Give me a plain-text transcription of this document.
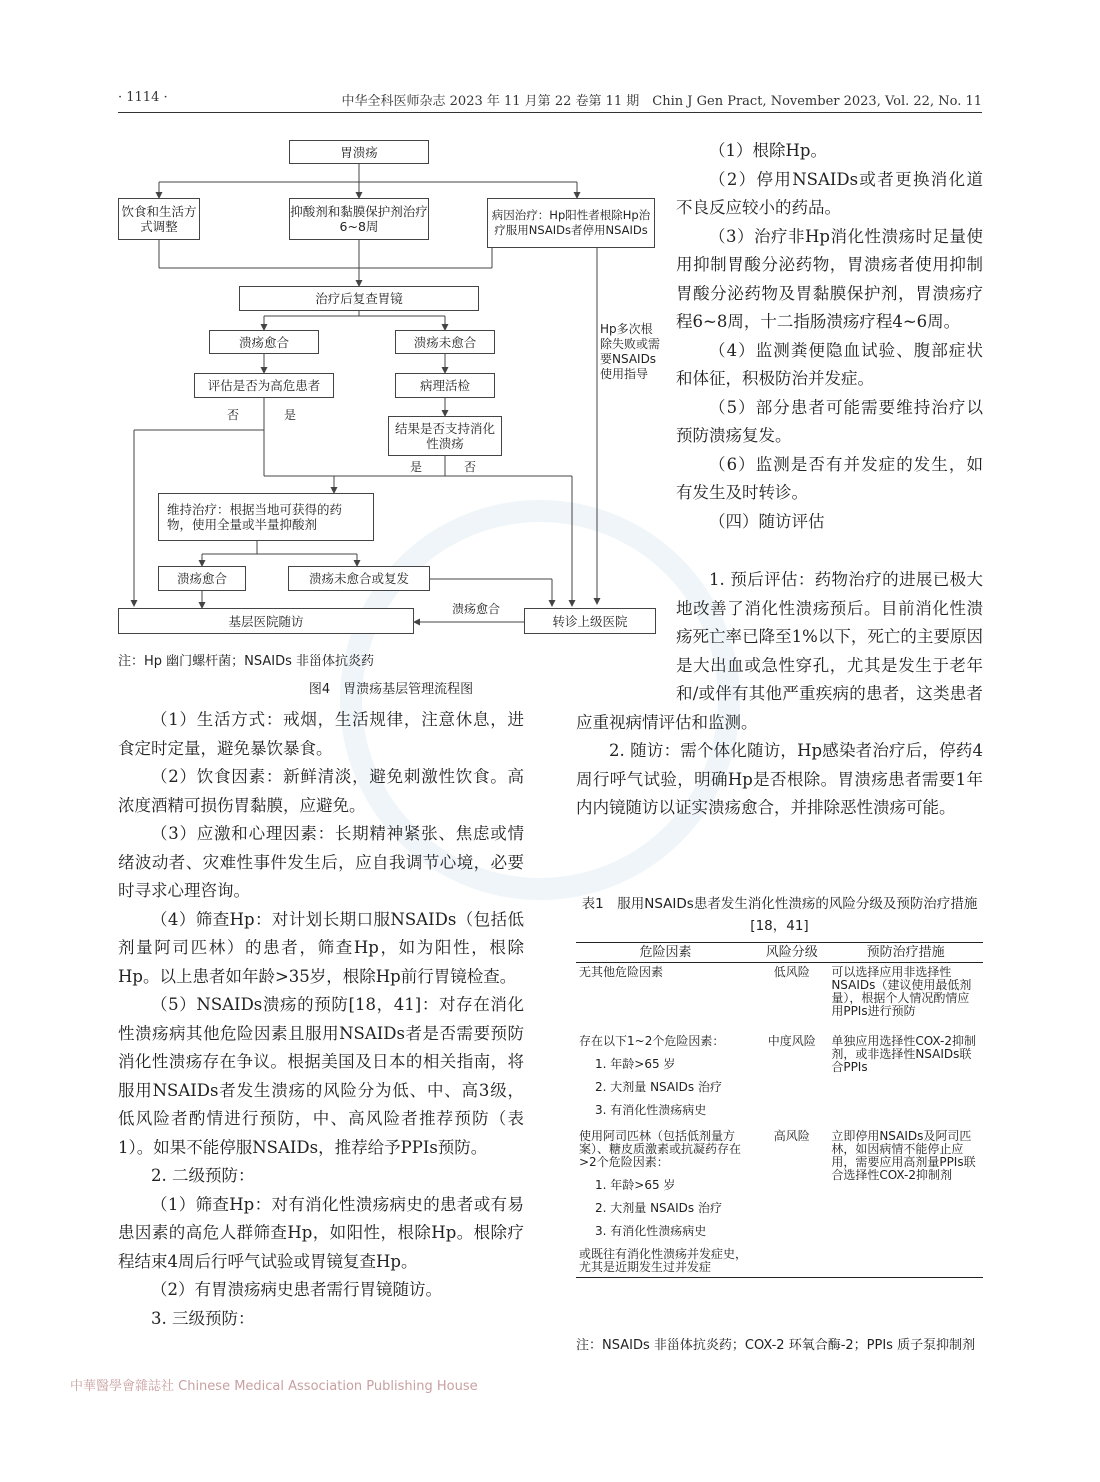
· 1114 ·	中华全科医师杂志 2023 年 11 月第 22 卷第 11 期　Chin J Gen Pract, November 2023, Vol. 22, No. 11
胃溃疡
饮食和生活方式调整
抑酸剂和黏膜保护剂治疗6~8周
病因治疗：Hp阳性者根除Hp治疗服用NSAIDs者停用NSAIDs
治疗后复查胃镜
溃疡愈合	溃疡未愈合
评估是否为高危患者
否	是
病理活检
结果是否支持消化性溃疡
是	否
维持治疗：根据当地可获得的药物，使用全量或半量抑酸剂
溃疡愈合	溃疡未愈合或复发
基层医院随访	转诊上级医院
溃疡愈合
Hp多次根除失败或需要NSAIDs使用指导
注：Hp 幽门螺杆菌；NSAIDs 非甾体抗炎药
图4　胃溃疡基层管理流程图

（1）生活方式：戒烟，生活规律，注意休息，进食定时定量，避免暴饮暴食。

（2）饮食因素：新鲜清淡，避免刺激性饮食。高浓度酒精可损伤胃黏膜，应避免。

（3）应激和心理因素：长期精神紧张、焦虑或情绪波动者、灾难性事件发生后，应自我调节心境，必要时寻求心理咨询。

（4）筛查Hp：对计划长期口服NSAIDs（包括低剂量阿司匹林）的患者，筛查Hp，如为阳性，根除Hp。以上患者如年龄>35岁，根除Hp前行胃镜检查。

（5）NSAIDs溃疡的预防[18，41]：对存在消化性溃疡病其他危险因素且服用NSAIDs者是否需要预防消化性溃疡存在争议。根据美国及日本的相关指南，将服用NSAIDs者发生溃疡的风险分为低、中、高3级，低风险者酌情进行预防，中、高风险者推荐预防（表1）。如果不能停服NSAIDs，推荐给予PPIs预防。

2. 二级预防：

（1）筛查Hp：对有消化性溃疡病史的患者或有易患因素的高危人群筛查Hp，如阳性，根除Hp。根除疗程结束4周后行呼气试验或胃镜复查Hp。

（2）有胃溃疡病史患者需行胃镜随访。

3. 三级预防：

（1）根除Hp。

（2）停用NSAIDs或者更换消化道不良反应较小的药品。

（3）治疗非Hp消化性溃疡时足量使用抑制胃酸分泌药物，胃溃疡者使用抑制胃酸分泌药物及胃黏膜保护剂，胃溃疡疗程6~8周，十二指肠溃疡疗程4~6周。

（4）监测粪便隐血试验、腹部症状和体征，积极防治并发症。

（5）部分患者可能需要维持治疗以预防溃疡复发。

（6）监测是否有并发症的发生，如有发生及时转诊。

（四）随访评估

1. 预后评估：药物治疗的进展已极大地改善了消化性溃疡预后。目前消化性溃疡死亡率已降至1%以下，死亡的主要原因是大出血或急性穿孔，尤其是发生于老年和/或伴有其他严重疾病的患者，这类患者应重视病情评估和监测。

2. 随访：需个体化随访，Hp感染者治疗后，停药4周行呼气试验，明确Hp是否根除。胃溃疡患者需要1年内内镜随访以证实溃疡愈合，并排除恶性溃疡可能。

表1　服用NSAIDs患者发生消化性溃疡的风险分级及预防治疗措施[18，41]
危险因素	风险分级	预防治疗措施
无其他危险因素	低风险	可以选择应用非选择性NSAIDs（建议使用最低剂量），根据个人情况酌情应用PPIs进行预防
存在以下1~2个危险因素：
1. 年龄>65 岁
2. 大剂量 NSAIDs 治疗
3. 有消化性溃疡病史	中度风险	单独应用选择性COX-2抑制剂，或非选择性NSAIDs联合PPIs
使用阿司匹林（包括低剂量方案）、糖皮质激素或抗凝药存在>2个危险因素：
1. 年龄>65 岁
2. 大剂量 NSAIDs 治疗
3. 有消化性溃疡病史
或既往有消化性溃疡并发症史，尤其是近期发生过并发症	高风险	立即停用NSAIDs及阿司匹林，如因病情不能停止应用，需要应用高剂量PPIs联合选择性COX-2抑制剂
注：NSAIDs 非甾体抗炎药；COX-2 环氧合酶-2；PPIs 质子泵抑制剂
中華醫學會雜誌社 Chinese Medical Association Publishing House
